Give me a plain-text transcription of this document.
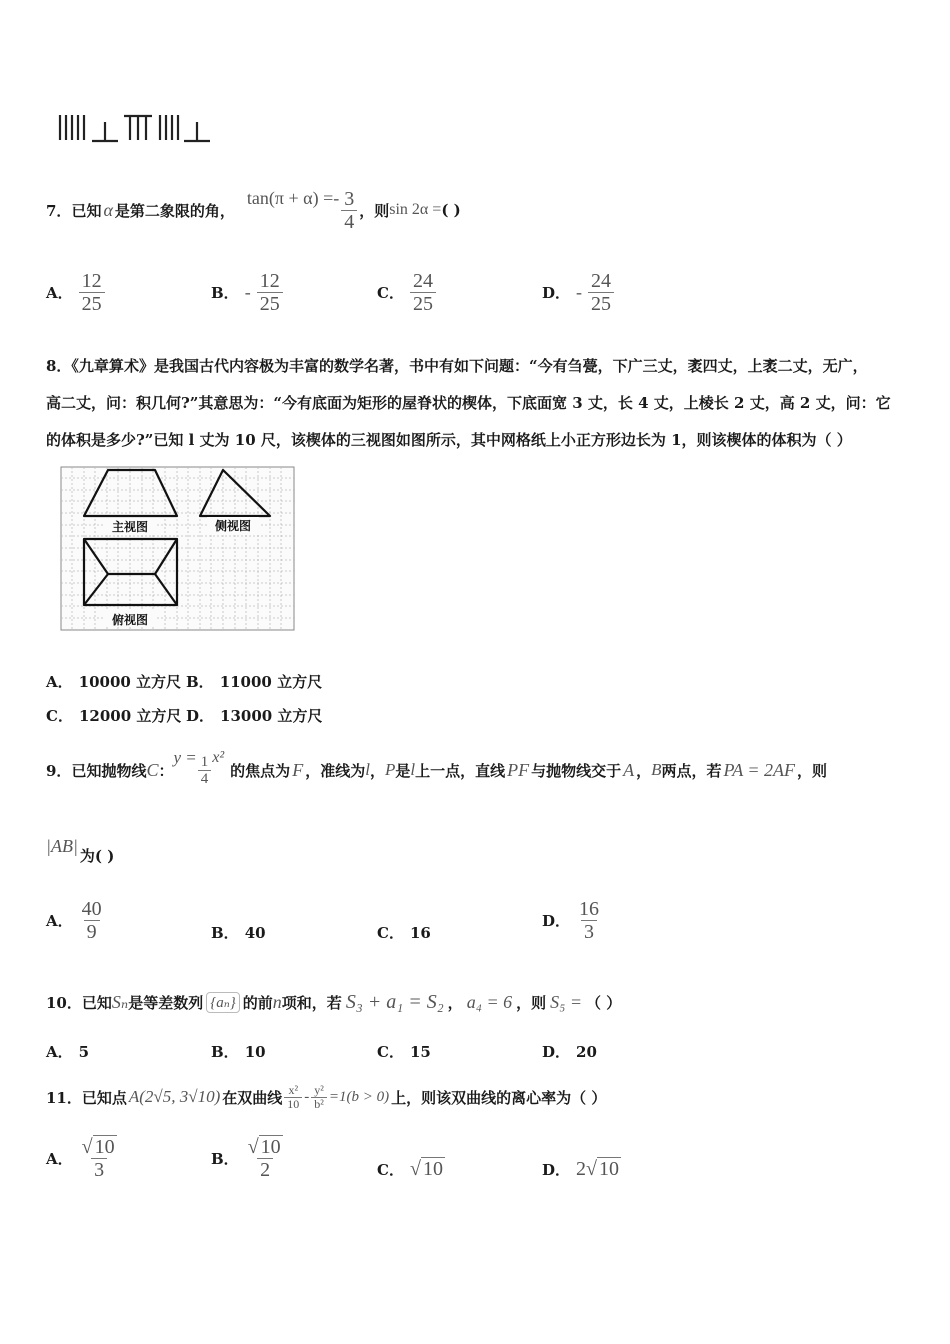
7． 已知 α 是第二象限的角，
tan(π + α) = - $\frac{3}{4}$ ，则 sin 2α = ( )
A． $\frac{12}{25}$	B． - $\frac{12}{25}$	C． $\frac{24}{25}$	D． - $\frac{24}{25}$
8．《九章算术》是我国古代内容极为丰富的数学名著，书中有如下问题：“今有刍甍，下广三丈，袤四丈，上袤二丈，无广，
高二丈，问：积几何?”其意思为：“今有底面为矩形的屋脊状的楔体，下底面宽 3 丈，长 4 丈，上棱长 2 丈，高 2 丈，问：它
的体积是多少?”已知 l 丈为 10 尺，该楔体的三视图如图所示，其中网格纸上小正方形边长为 1，则该楔体的体积为（ ）
主视图	侧视图
俯视图
A． 10000 立方尺 B． 11000 立方尺
C． 12000 立方尺 D． 13000 立方尺
9． 已知抛物线 C ：
$y = \frac{1}{4} x^2$
的焦点为 F ，准线为 l ， P 是 l 上一点，直线 PF 与抛物线交于 A ， B 两点，若 PA = 2AF ，则
|AB| 为( )
A． $\frac{40}{9}$	B． 40	C． 16
D． $\frac{16}{3}$
10． 已知 Sₙ 是等差数列 {aₙ} 的前 n 项和，若 S₃ + a₁ = S₂ ， a₄ = 6 ，则 S₅ = （ ）
A． 5	B． 10	C． 15	D． 20
11． 已知点 A(2√5, 3√10) 在双曲线 $\frac{\text{x²}}{10} - \frac{\text{y²}}{\text{b²}} =1(b > 0)$ 上，则该双曲线的离心率为（ ）
A． $\frac{√ 10}{3}$	B． $\frac{√ 10}{2}$	C． √ 10	D． 2√ 10
